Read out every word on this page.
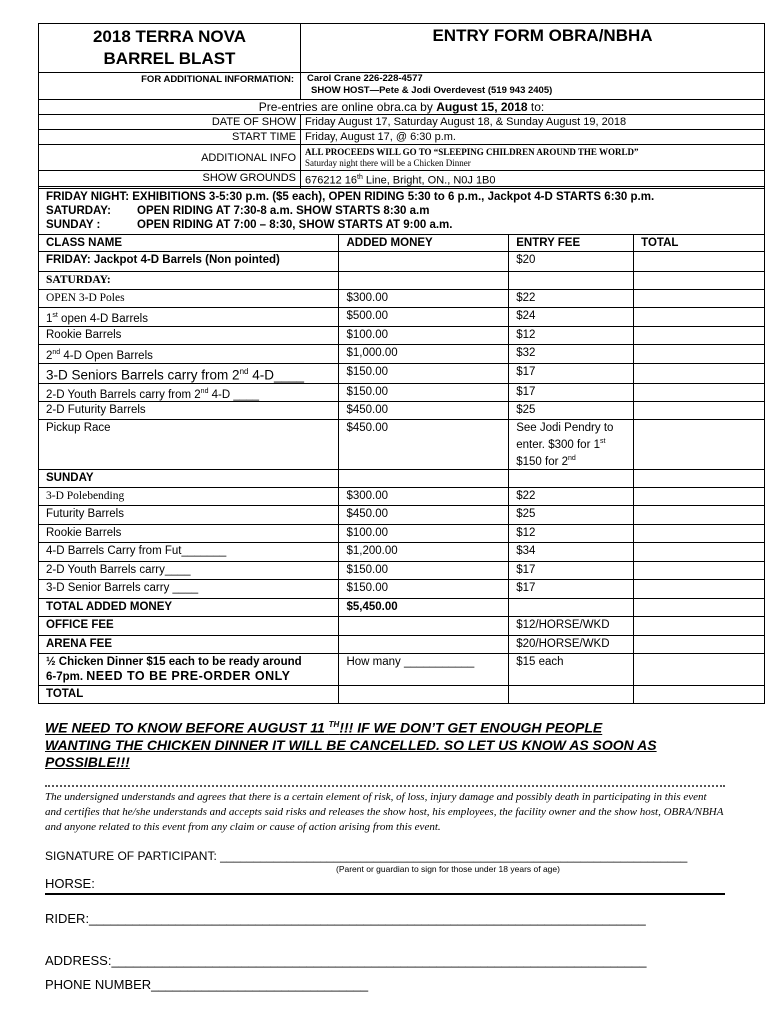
2018 TERRA NOVA
BARREL BLAST	ENTRY FORM OBRA/NBHA
FOR ADDITIONAL INFORMATION:	Carol Crane 226-228-4577
SHOW HOST—Pete & Jodi Overdevest (519 943 2405)

Pre-entries are online obra.ca by August 15, 2018 to:	
DATE OF SHOW	Friday August 17, Saturday August 18, & Sunday August 19, 2018
START TIME	Friday, August 17, @ 6:30 p.m.
ADDITIONAL INFO	ALL PROCEEDS WILL GO TO “SLEEPING CHILDREN AROUND THE WORLD”
Saturday night there will be a Chicken Dinner

SHOW GROUNDS	676212 16th Line, Bright, ON., N0J 1B0
FRIDAY NIGHT: EXHIBITIONS 3-5:30 p.m. ($5 each), OPEN RIDING 5:30 to 6 p.m., Jackpot 4-D STARTS 6:30 p.m.
SATURDAY: OPEN RIDING AT 7:30-8 a.m. SHOW STARTS 8:30 a.m
SUNDAY : OPEN RIDING AT 7:00 – 8:30, SHOW STARTS AT 9:00 a.m.			

CLASS NAME	ADDED MONEY	ENTRY FEE	TOTAL
FRIDAY: Jackpot 4-D Barrels (Non pointed)		$20	
SATURDAY:			
OPEN 3-D Poles	$300.00	$22	
1st open 4-D Barrels	$500.00	$24	
Rookie Barrels	$100.00	$12	
2nd 4-D Open Barrels	$1,000.00	$32	
3-D Seniors Barrels carry from 2nd 4-D____	$150.00	$17	
2-D Youth Barrels carry from 2nd 4-D ____	$150.00	$17	
2-D Futurity Barrels	$450.00	$25	
Pickup Race	$450.00	See Jodi Pendry to
enter. $300 for 1st
$150 for 2nd

SUNDAY			
3-D Polebending	$300.00	$22	
Futurity Barrels	$450.00	$25	
Rookie Barrels	$100.00	$12	
4-D Barrels Carry from Fut_______	$1,200.00	$34	
2-D Youth Barrels carry____	$150.00	$17	
3-D Senior Barrels carry ____	$150.00	$17	
TOTAL ADDED MONEY	$5,450.00		
OFFICE FEE		$12/HORSE/WKD	
ARENA FEE		$20/HORSE/WKD	

½ Chicken Dinner $15 each to be ready around
6-7pm. NEED TO BE PRE-ORDER ONLY	How many ___________	$15 each	
TOTAL			
WE NEED TO KNOW BEFORE AUGUST 11 $^{TH}$!!! IF WE DON’T GET ENOUGH PEOPLE
WANTING THE CHICKEN DINNER IT WILL BE CANCELLED. SO LET US KNOW AS SOON AS
POSSIBLE!!!
The undersigned understands and agrees that there is a certain element of risk, of loss, injury damage and possibly death in participating in this event and certifies that he/she understands and accepts said risks and releases the show host, his employees, the facility owner and the show host, OBRA/NBHA and anyone related to this event from any claim or cause of action arising from this event.
SIGNATURE OF PARTICIPANT: ______________________________________________________________________
(Parent or guardian to sign for those under 18 years of age)
HORSE:
RIDER:_____________________________________________________________________________
ADDRESS:__________________________________________________________________________
PHONE NUMBER______________________________
